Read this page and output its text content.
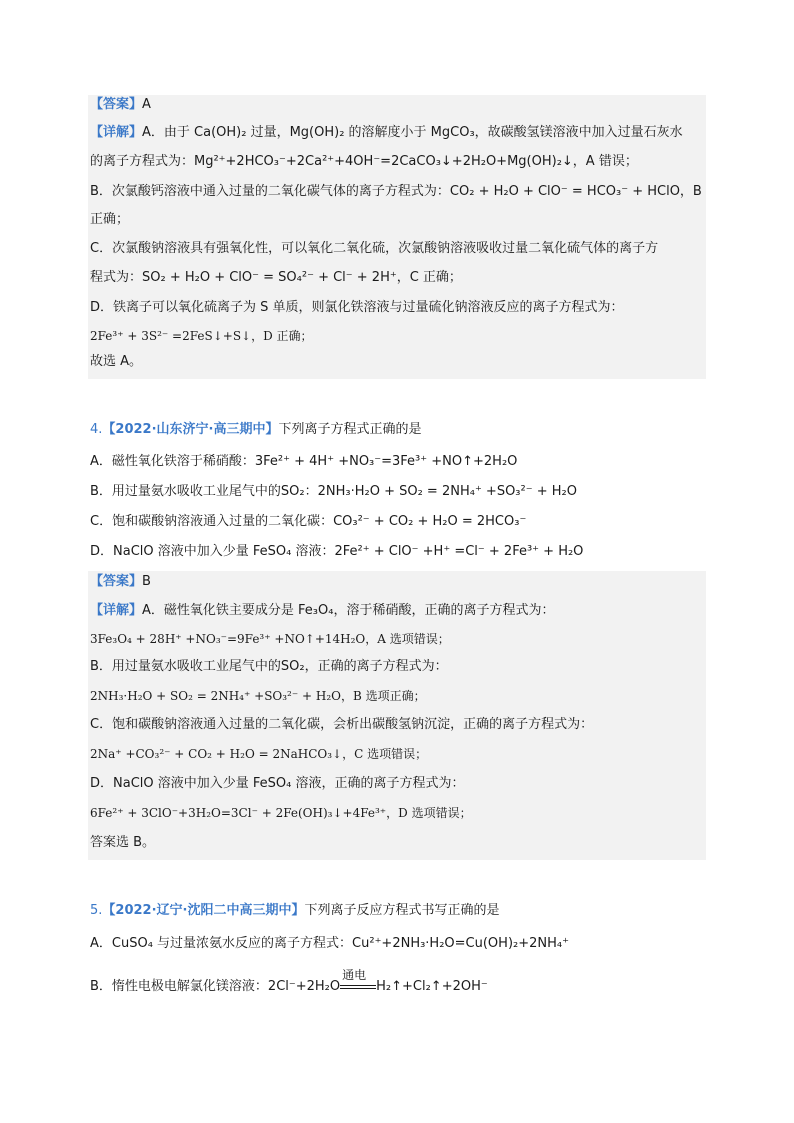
【答案】A
【详解】A．由于 Ca(OH)₂ 过量，Mg(OH)₂ 的溶解度小于 MgCO₃，故碳酸氢镁溶液中加入过量石灰水
的离子方程式为：Mg²⁺+2HCO₃⁻+2Ca²⁺+4OH⁻=2CaCO₃↓+2H₂O+Mg(OH)₂↓，A 错误；
B．次氯酸钙溶液中通入过量的二氧化碳气体的离子方程式为：CO₂ + H₂O + ClO⁻ = HCO₃⁻ + HClO，B
正确；
C．次氯酸钠溶液具有强氧化性，可以氧化二氧化硫，次氯酸钠溶液吸收过量二氧化硫气体的离子方
程式为：SO₂ + H₂O + ClO⁻ = SO₄²⁻ + Cl⁻ + 2H⁺，C 正确；
D．铁离子可以氧化硫离子为 S 单质，则氯化铁溶液与过量硫化钠溶液反应的离子方程式为：
2Fe³⁺ + 3S²⁻ =2FeS↓+S↓，D 正确；
故选 A。
4.【2022·山东济宁·高三期中】下列离子方程式正确的是
A．磁性氧化铁溶于稀硝酸：3Fe²⁺ + 4H⁺ +NO₃⁻=3Fe³⁺ +NO↑+2H₂O
B．用过量氨水吸收工业尾气中的SO₂：2NH₃·H₂O + SO₂ = 2NH₄⁺ +SO₃²⁻ + H₂O
C．饱和碳酸钠溶液通入过量的二氧化碳：CO₃²⁻ + CO₂ + H₂O = 2HCO₃⁻
D．NaClO 溶液中加入少量 FeSO₄ 溶液：2Fe²⁺ + ClO⁻ +H⁺ =Cl⁻ + 2Fe³⁺ + H₂O
【答案】B
【详解】A．磁性氧化铁主要成分是 Fe₃O₄，溶于稀硝酸，正确的离子方程式为：
3Fe₃O₄ + 28H⁺ +NO₃⁻=9Fe³⁺ +NO↑+14H₂O，A 选项错误；
B．用过量氨水吸收工业尾气中的SO₂，正确的离子方程式为：
2NH₃·H₂O + SO₂ = 2NH₄⁺ +SO₃²⁻ + H₂O，B 选项正确；
C．饱和碳酸钠溶液通入过量的二氧化碳，会析出碳酸氢钠沉淀，正确的离子方程式为：
2Na⁺ +CO₃²⁻ + CO₂ + H₂O = 2NaHCO₃↓，C 选项错误；
D．NaClO 溶液中加入少量 FeSO₄ 溶液，正确的离子方程式为：
6Fe²⁺ + 3ClO⁻+3H₂O=3Cl⁻ + 2Fe(OH)₃↓+4Fe³⁺，D 选项错误；
答案选 B。
5.【2022·辽宁·沈阳二中高三期中】下列离子反应方程式书写正确的是
A．CuSO₄ 与过量浓氨水反应的离子方程式：Cu²⁺+2NH₃·H₂O=Cu(OH)₂+2NH₄⁺
B．惰性电极电解氯化镁溶液：2Cl⁻+2H₂O
通电
H₂↑+Cl₂↑+2OH⁻
